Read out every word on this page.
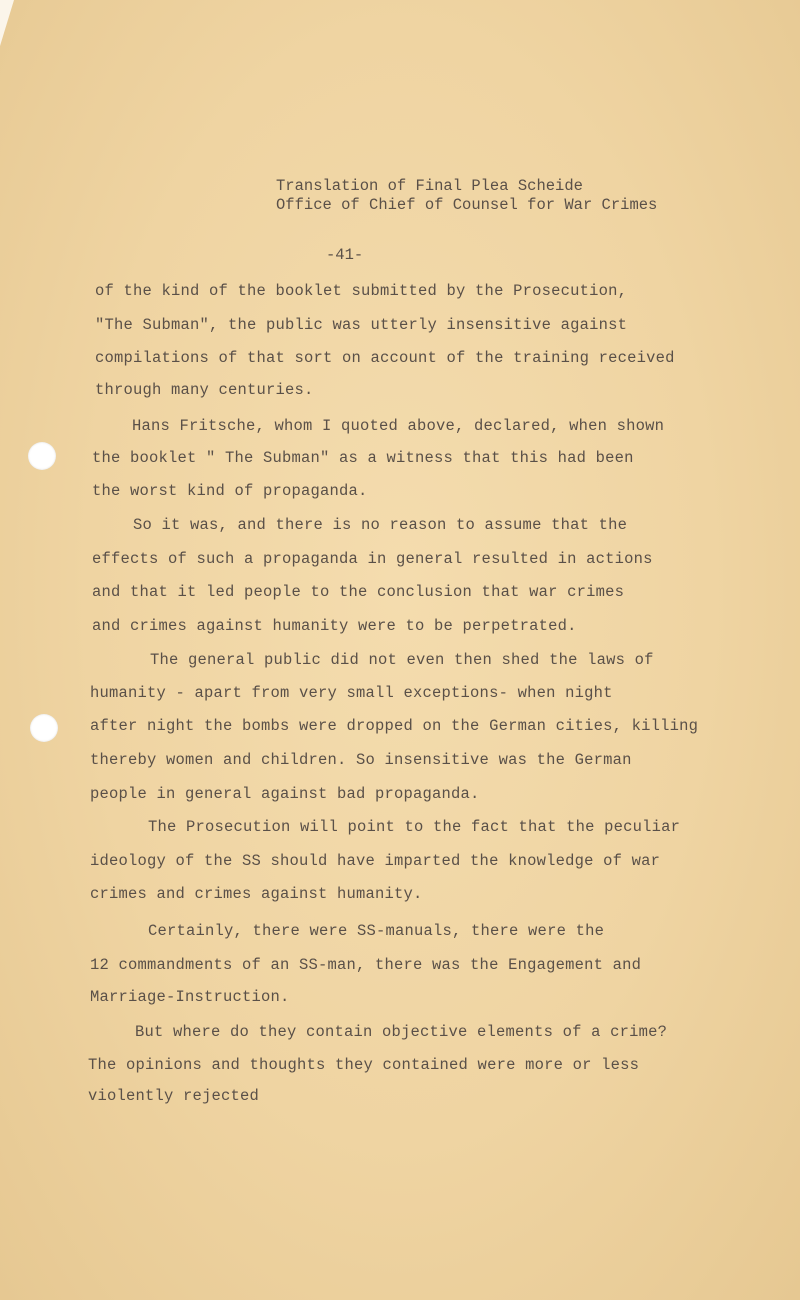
Translation of Final Plea Scheide
Office of Chief of Counsel for War Crimes
-41-
of the kind of the booklet submitted by the Prosecution,
"The Subman", the public was utterly insensitive against
compilations of that sort on account of the training received
through many centuries.
Hans Fritsche, whom I quoted above, declared, when shown
the booklet " The Subman" as a witness that this had been
the worst kind of propaganda.
So it was, and there is no reason to assume that the
effects of such a propaganda in general resulted in actions
and that it led people to the conclusion that war crimes
and crimes against humanity were to be perpetrated.
The general public did not even then shed the laws of
humanity - apart from very small exceptions- when night
after night the bombs were dropped on the German cities, killing
thereby women and children. So insensitive was the German
people in general against bad propaganda.
The Prosecution will point to the fact that the peculiar
ideology of the SS should have imparted the knowledge of war
crimes and crimes against humanity.
Certainly, there were SS-manuals, there were the
12 commandments of an SS-man, there was the Engagement and
Marriage-Instruction.
But where do they contain objective elements of a crime?
The opinions and thoughts they contained were more or less
violently rejected
